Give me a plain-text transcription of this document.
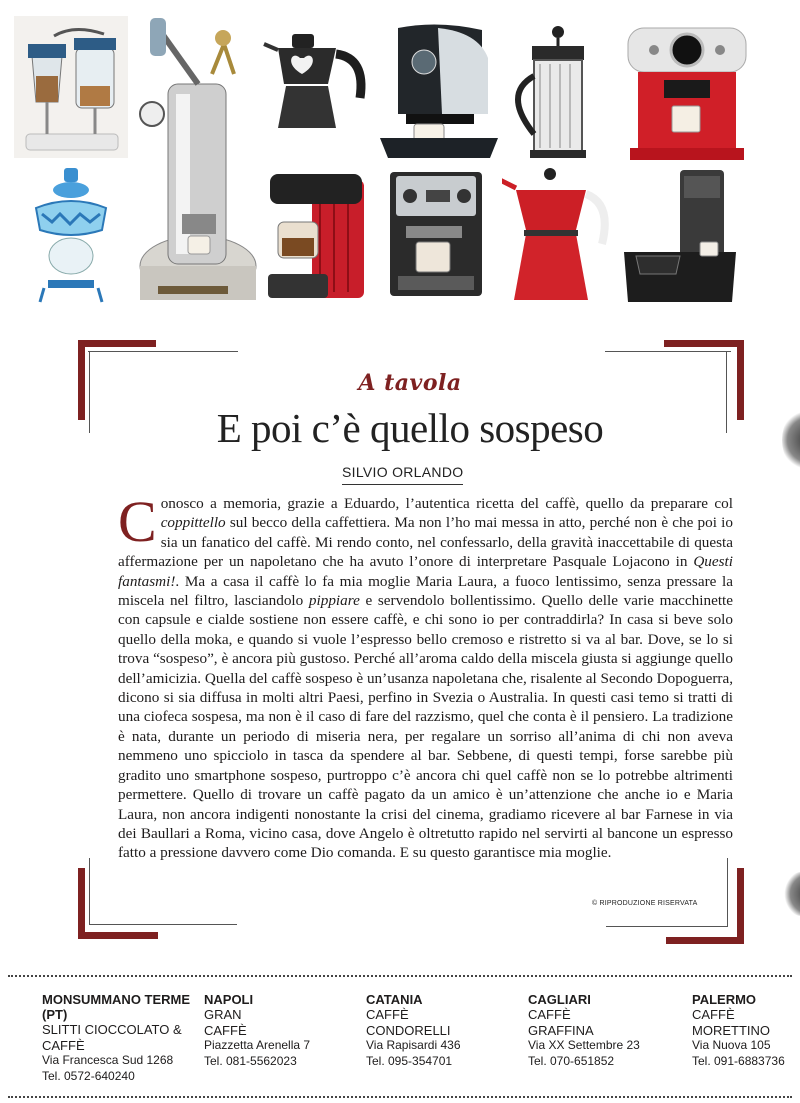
A tavola
E poi c’è quello sospeso
SILVIO ORLANDO

Conosco a memoria, grazie a Eduardo, l’autentica ricetta del caffè, quello da preparare col coppittello sul becco della caffettiera. Ma non l’ho mai messa in atto, perché non è che poi io sia un fanatico del caffè. Mi rendo conto, nel confessarlo, della gravità inaccettabile di questa affermazione per un napoletano che ha avuto l’onore di interpretare Pasquale Lojacono in Questi fantasmi!. Ma a casa il caffè lo fa mia moglie Maria Laura, a fuoco lentissimo, senza pressare la miscela nel filtro, lasciandolo pippiare e servendolo bollentissimo. Quello delle varie macchinette con capsule e cialde sostiene non essere caffè, e chi sono io per contraddirla? In casa si beve solo quello della moka, e quando si vuole l’espresso bello cremoso e ristretto si va al bar. Dove, se lo si trova “sospeso”, è ancora più gustoso. Perché all’aroma caldo della miscela giusta si aggiunge quello dell’amicizia. Quella del caffè sospeso è un’usanza napoletana che, risalente al Secondo Dopoguerra, dicono si sia diffusa in molti altri Paesi, perfino in Svezia o Australia. In questi casi temo si tratti di una ciofeca sospesa, ma non è il caso di fare del razzismo, quel che conta è il pensiero. La tradizione è nata, durante un periodo di miseria nera, per regalare un sorriso all’anima di chi non aveva nemmeno uno spicciolo in tasca da spendere al bar. Sebbene, di questi tempi, forse sarebbe più gradito uno smartphone sospeso, purtroppo c’è ancora chi quel caffè non se lo potrebbe altrimenti permettere. Quello di trovare un caffè pagato da un amico è un’attenzione che anche io e Maria Laura, non ancora indigenti nonostante la crisi del cinema, gradiamo ricevere al bar Farnese in via dei Baullari a Roma, vicino casa, dove Angelo è oltretutto rapido nel servirti al bancone un espresso fatto a pressione davvero come Dio comanda. E su questo garantisce mia moglie.

© RIPRODUZIONE RISERVATA
MONSUMMANO TERME (PT)
SLITTI CIOCCOLATO & CAFFÈ
Via Francesca Sud 1268
Tel. 0572-640240
NAPOLI
GRAN CAFFÈ
Piazzetta Arenella 7
Tel. 081-5562023
CATANIA
CAFFÈ CONDORELLI
Via Rapisardi 436
Tel. 095-354701
CAGLIARI
CAFFÈ GRAFFINA
Via XX Settembre 23
Tel. 070-651852
PALERMO
CAFFÈ MORETTINO
Via Nuova 105
Tel. 091-6883736
